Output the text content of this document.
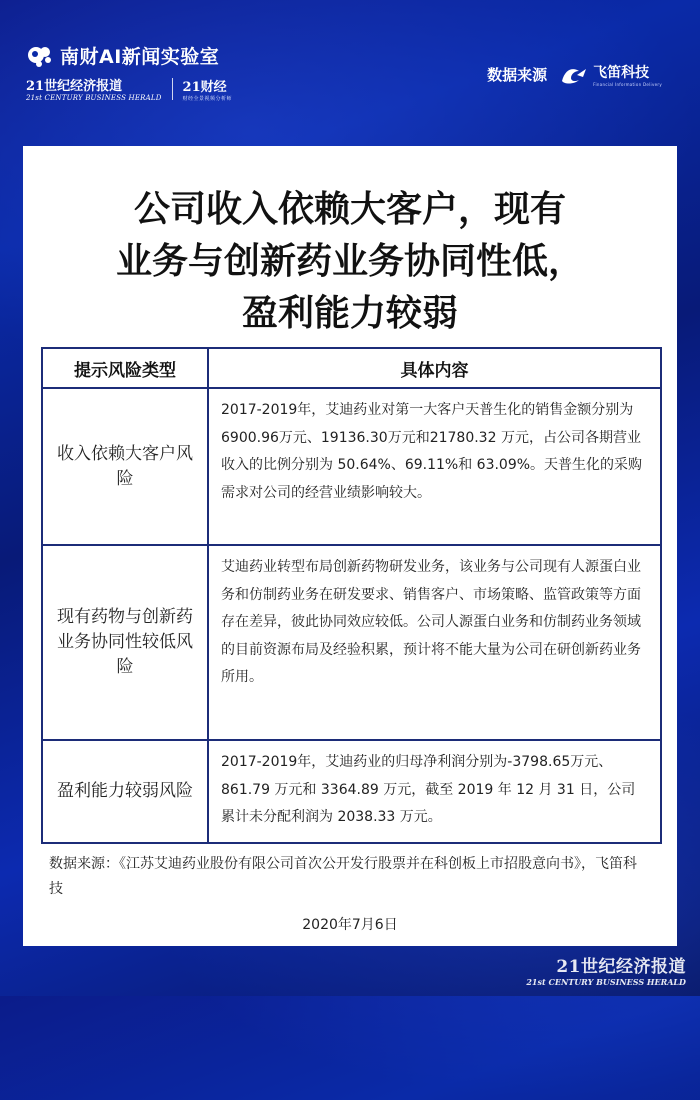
南财AI新闻实验室
21世纪经济报道
21st CENTURY BUSINESS HERALD
21财经
财经全景视频分析师
数据来源	飞笛科技
Financial Information Delivery
公司收入依赖大客户，现有
业务与创新药业务协同性低，
盈利能力较弱
提示风险类型	具体内容
收入依赖大客户风险	2017-2019年，艾迪药业对第一大客户天普生化的销售金额分别为6900.96万元、19136.30万元和21780.32 万元，占公司各期营业收入的比例分别为 50.64%、69.11%和 63.09%。天普生化的采购需求对公司的经营业绩影响较大。
现有药物与创新药业务协同性较低风险	艾迪药业转型布局创新药物研发业务，该业务与公司现有人源蛋白业务和仿制药业务在研发要求、销售客户、市场策略、监管政策等方面存在差异，彼此协同效应较低。公司人源蛋白业务和仿制药业务领域的目前资源布局及经验积累，预计将不能大量为公司在研创新药业务所用。
盈利能力较弱风险	2017-2019年，艾迪药业的归母净利润分别为-3798.65万元、861.79 万元和 3364.89 万元，截至 2019 年 12 月 31 日，公司累计未分配利润为 2038.33 万元。
数据来源：《江苏艾迪药业股份有限公司首次公开发行股票并在科创板上市招股意向书》，飞笛科技
2020年7月6日
21世纪经济报道
21st CENTURY BUSINESS HERALD
